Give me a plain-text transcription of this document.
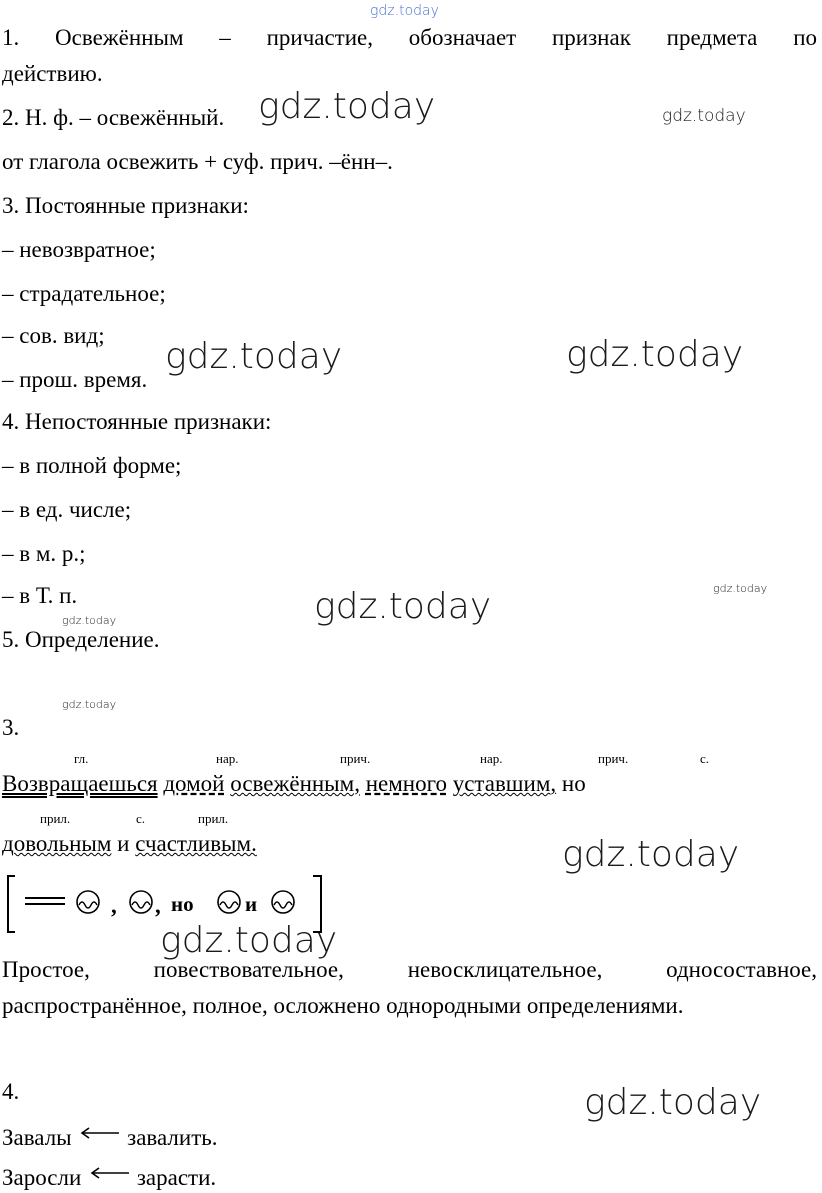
gdz.today
gdz.today	gdz.today
gdz.today	gdz.today
gdz.today
gdz.today
gdz.today
gdz.today
gdz.today
gdz.today
gdz.today
1. Освежённым – причастие, обозначает признак предмета по
действию.
2. Н. ф. – освежённый.
от глагола освежить + суф. прич. –ённ–.
3. Постоянные признаки:
– невозвратное;
– страдательное;
– сов. вид;
– прош. время.
4. Непостоянные признаки:
– в полной форме;
– в ед. числе;
– в м. р.;
– в Т. п.
5. Определение.
3.
гл.	нар.	прич.	нар.	прич.	с.
Возвращаешься домой освежённым, немного уставшим, но
прил.	с.	прил.
довольным и счастливым.
, , но и
Простое,	повествовательное,	невосклицательное,	односоставное,
распространённое, полное, осложнено однородными определениями.
4.
Завалы завалить.
Заросли зарасти.
